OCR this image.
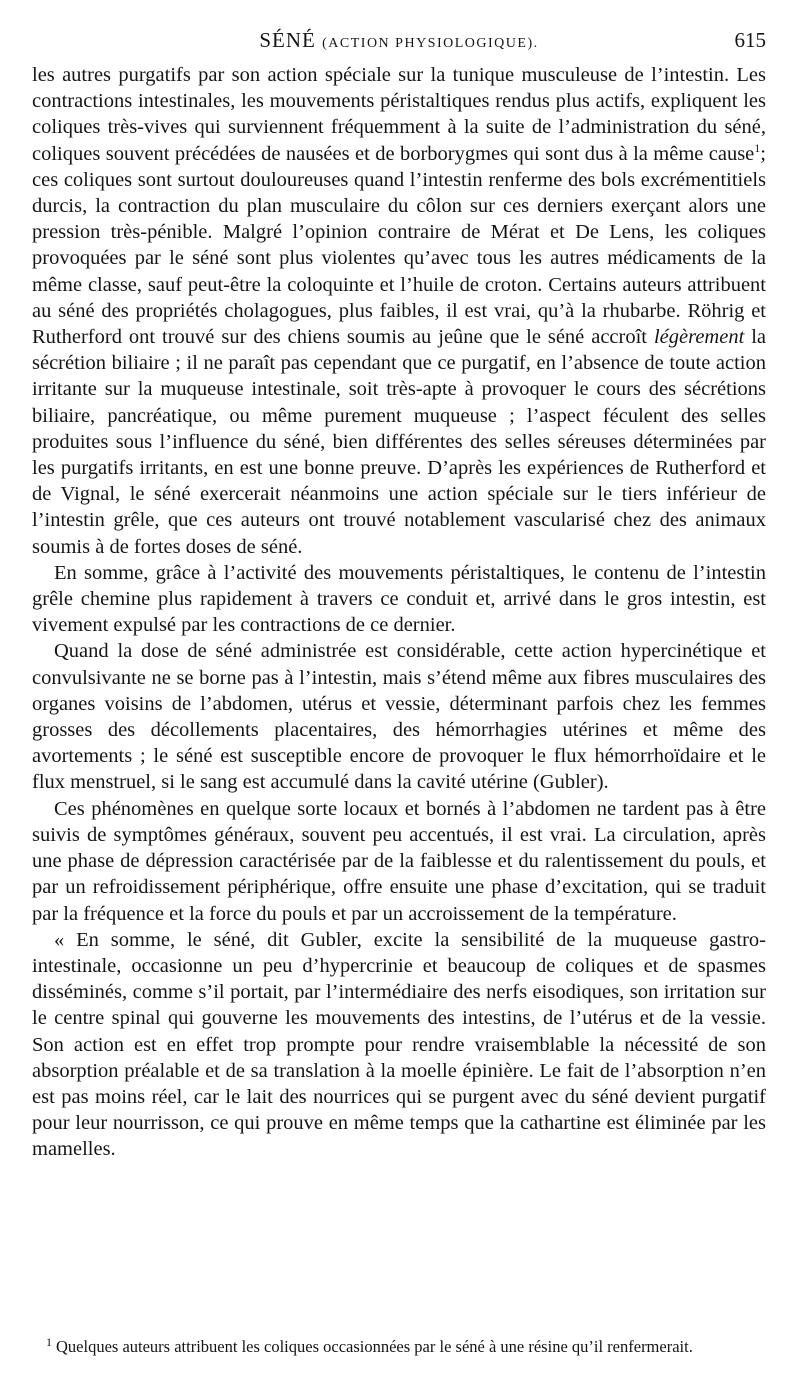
SÉNÉ (ACTION PHYSIOLOGIQUE).	615

les autres purgatifs par son action spéciale sur la tunique musculeuse de l’intestin. Les contractions intestinales, les mouvements péristaltiques rendus plus actifs, expliquent les coliques très-vives qui surviennent fréquemment à la suite de l’administration du séné, coliques souvent précédées de nausées et de borborygmes qui sont dus à la même cause$^1$; ces coliques sont surtout douloureuses quand l’intestin renferme des bols excrémentitiels durcis, la contraction du plan musculaire du côlon sur ces derniers exerçant alors une pression très-pénible. Malgré l’opinion contraire de Mérat et De Lens, les coliques provoquées par le séné sont plus violentes qu’avec tous les autres médicaments de la même classe, sauf peut-être la coloquinte et l’huile de croton. Certains auteurs attribuent au séné des propriétés cholagogues, plus faibles, il est vrai, qu’à la rhubarbe. Röhrig et Rutherford ont trouvé sur des chiens soumis au jeûne que le séné accroît légèrement la sécrétion biliaire ; il ne paraît pas cependant que ce purgatif, en l’absence de toute action irritante sur la muqueuse intestinale, soit très-apte à provoquer le cours des sécrétions biliaire, pancréatique, ou même purement muqueuse ; l’aspect féculent des selles produites sous l’influence du séné, bien différentes des selles séreuses déterminées par les purgatifs irritants, en est une bonne preuve. D’après les expériences de Rutherford et de Vignal, le séné exercerait néanmoins une action spéciale sur le tiers inférieur de l’intestin grêle, que ces auteurs ont trouvé notablement vascularisé chez des animaux soumis à de fortes doses de séné.

En somme, grâce à l’activité des mouvements péristaltiques, le contenu de l’intestin grêle chemine plus rapidement à travers ce conduit et, arrivé dans le gros intestin, est vivement expulsé par les contractions de ce dernier.

Quand la dose de séné administrée est considérable, cette action hypercinétique et convulsivante ne se borne pas à l’intestin, mais s’étend même aux fibres musculaires des organes voisins de l’abdomen, utérus et vessie, déterminant parfois chez les femmes grosses des décollements placentaires, des hémorrhagies utérines et même des avortements ; le séné est susceptible encore de provoquer le flux hémorrhoïdaire et le flux menstruel, si le sang est accumulé dans la cavité utérine (Gubler).

Ces phénomènes en quelque sorte locaux et bornés à l’abdomen ne tardent pas à être suivis de symptômes généraux, souvent peu accentués, il est vrai. La circulation, après une phase de dépression caractérisée par de la faiblesse et du ralentissement du pouls, et par un refroidissement périphérique, offre ensuite une phase d’excitation, qui se traduit par la fréquence et la force du pouls et par un accroissement de la température.

« En somme, le séné, dit Gubler, excite la sensibilité de la muqueuse gastro-intestinale, occasionne un peu d’hypercrinie et beaucoup de coliques et de spasmes disséminés, comme s’il portait, par l’intermédiaire des nerfs eisodiques, son irritation sur le centre spinal qui gouverne les mouvements des intestins, de l’utérus et de la vessie. Son action est en effet trop prompte pour rendre vraisemblable la nécessité de son absorption préalable et de sa translation à la moelle épinière. Le fait de l’absorption n’en est pas moins réel, car le lait des nourrices qui se purgent avec du séné devient purgatif pour leur nourrisson, ce qui prouve en même temps que la cathartine est éliminée par les mamelles.

$^1$ Quelques auteurs attribuent les coliques occasionnées par le séné à une résine qu’il renfermerait.
